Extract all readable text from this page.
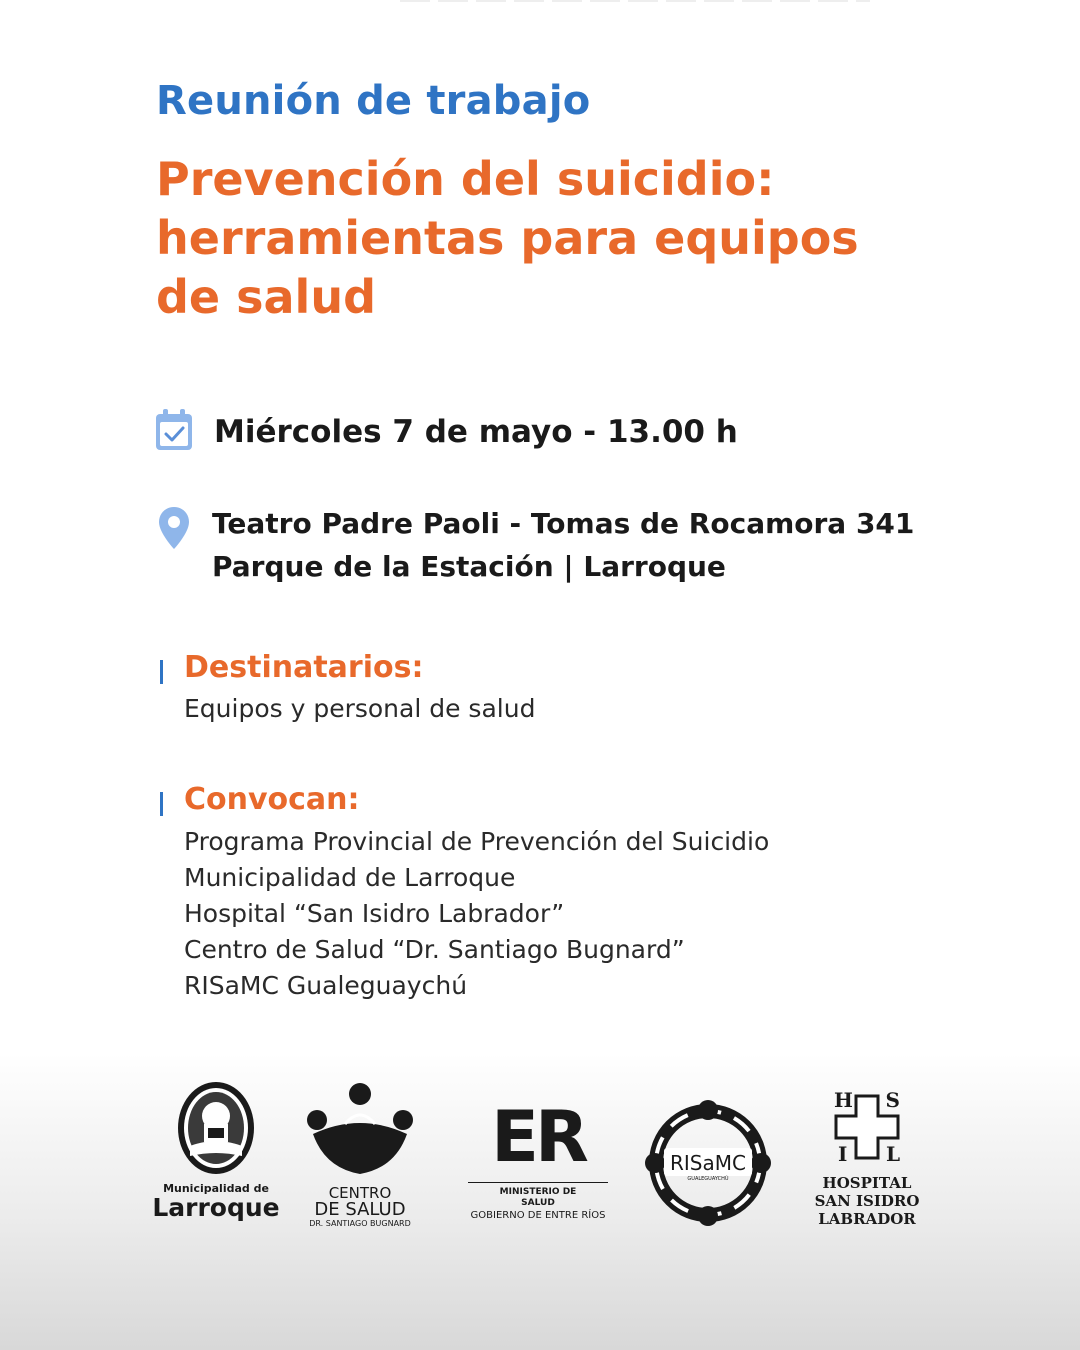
Reunión de trabajo
Prevención del suicidio:
herramientas para equipos
de salud
Miércoles 7 de mayo - 13.00 h
Teatro Padre Paoli - Tomas de Rocamora 341
Parque de la Estación | Larroque
Destinatarios:
Equipos y personal de salud
Convocan:
Programa Provincial de Prevención del Suicidio
Municipalidad de Larroque
Hospital “San Isidro Labrador”
Centro de Salud “Dr. Santiago Bugnard”
RISaMC Gualeguaychú
Municipalidad de
Larroque	CENTRO
DE SALUD
DR. SANTIAGO BUGNARD
ER
MINISTERIO DE
SALUD
GOBIERNO DE ENTRE RÍOS
RISaMC
GUALEGUAYCHÚ
H S
I L
HOSPITAL
SAN ISIDRO
LABRADOR
